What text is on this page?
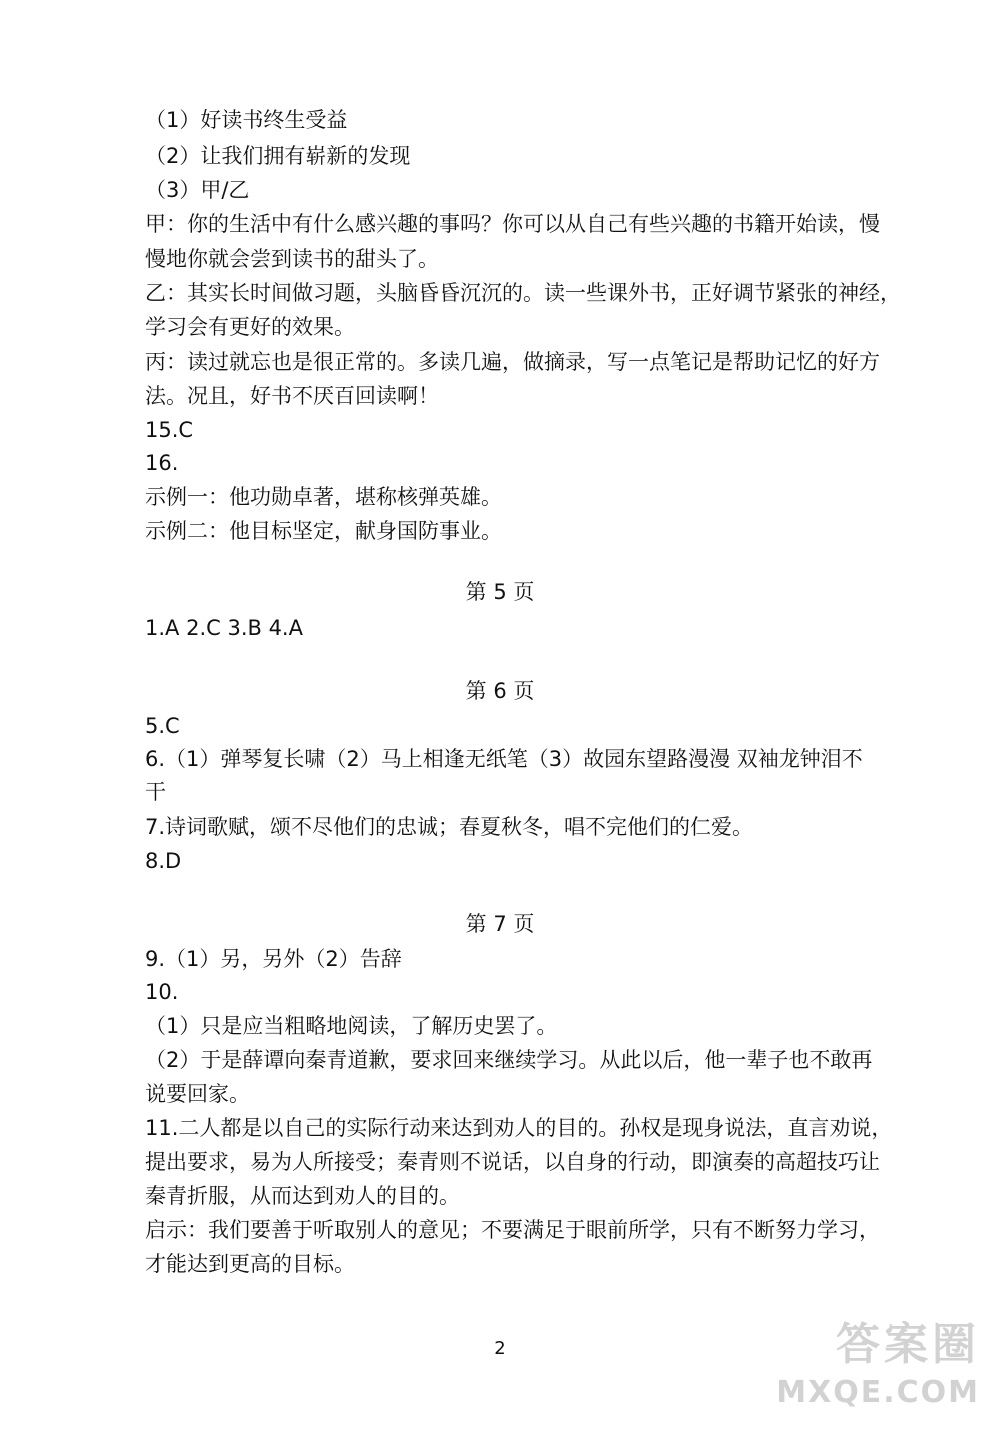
（1）好读书终生受益
（2）让我们拥有崭新的发现
（3）甲/乙
甲：你的生活中有什么感兴趣的事吗？你可以从自己有些兴趣的书籍开始读，慢
慢地你就会尝到读书的甜头了。
乙：其实长时间做习题，头脑昏昏沉沉的。读一些课外书，正好调节紧张的神经，
学习会有更好的效果。
丙：读过就忘也是很正常的。多读几遍，做摘录，写一点笔记是帮助记忆的好方
法。况且，好书不厌百回读啊！
15.C
16.
示例一：他功勋卓著，堪称核弹英雄。
示例二：他目标坚定，献身国防事业。
第 5 页
1.A 2.C 3.B 4.A
第 6 页
5.C
6.（1）弹琴复长啸（2）马上相逢无纸笔（3）故园东望路漫漫 双袖龙钟泪不
干
7.诗词歌赋，颂不尽他们的忠诚；春夏秋冬，唱不完他们的仁爱。
8.D
第 7 页
9.（1）另，另外（2）告辞
10.
（1）只是应当粗略地阅读，了解历史罢了。
（2）于是薛谭向秦青道歉，要求回来继续学习。从此以后，他一辈子也不敢再
说要回家。
11.二人都是以自己的实际行动来达到劝人的目的。孙权是现身说法，直言劝说，
提出要求，易为人所接受；秦青则不说话，以自身的行动，即演奏的高超技巧让
秦青折服，从而达到劝人的目的。
启示：我们要善于听取别人的意见；不要满足于眼前所学，只有不断努力学习，
才能达到更高的目标。
2	答案圈
MXQE.COM
